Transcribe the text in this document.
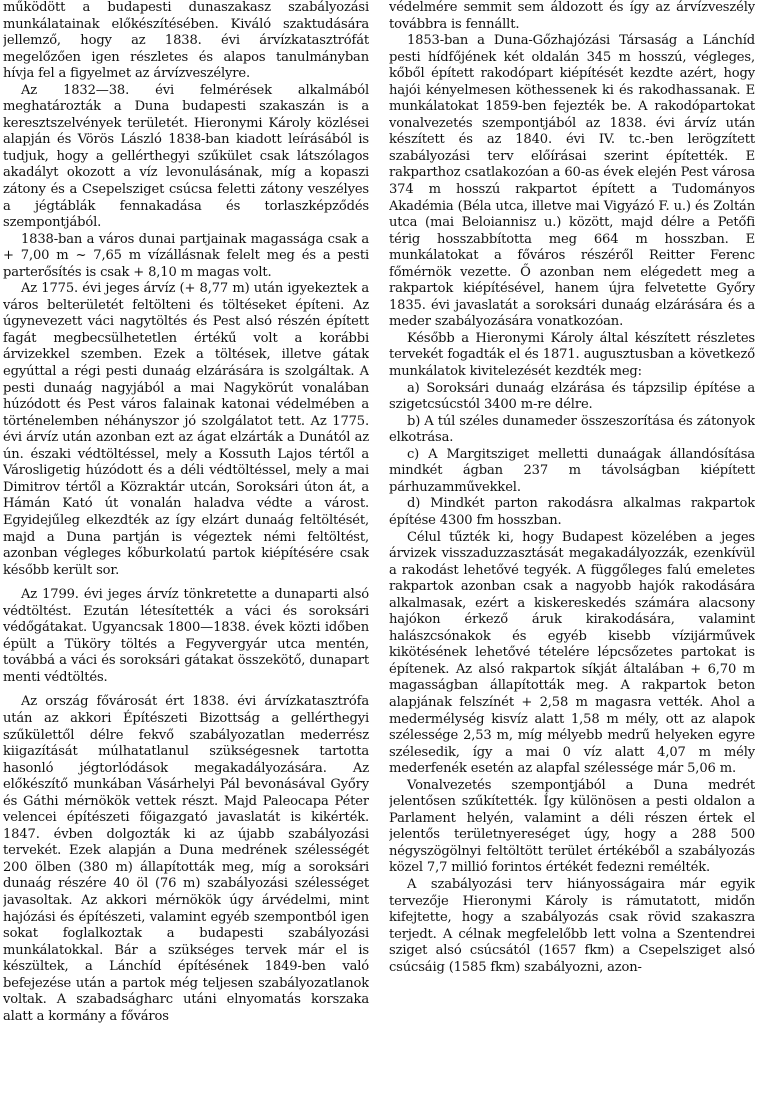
működött a budapesti dunaszakasz szabályozási munkálatainak előkészítésében. Kiváló szaktudására jellemző, hogy az 1838. évi árvízkatasztrófát megelőzően igen részletes és alapos tanulmányban hívja fel a figyelmet az árvízveszélyre.

Az 1832—38. évi felmérések alkalmából meghatározták a Duna budapesti szakaszán is a keresztszelvények területét. Hieronymi Károly közlései alapján és Vörös László 1838-ban kiadott leírásából is tudjuk, hogy a gellérthegyi szűkület csak látszólagos akadályt okozott a víz levonulásának, míg a kopaszi zátony és a Csepelsziget csúcsa feletti zátony veszélyes a jégtáblák fennakadása és torlaszképződés szempontjából.

1838-ban a város dunai partjainak magassága csak a + 7,00 m ~ 7,65 m vízállásnak felelt meg és a pesti parterősítés is csak + 8,10 m magas volt.

Az 1775. évi jeges árvíz (+ 8,77 m) után igyekeztek a város belterületét feltölteni és töltéseket építeni. Az úgynevezett váci nagytöltés és Pest alsó részén épített fagát megbecsülhetetlen értékű volt a korábbi árvizekkel szemben. Ezek a töltések, illetve gátak egyúttal a régi pesti dunaág elzárására is szolgáltak. A pesti dunaág nagyjából a mai Nagykörút vonalában húzódott és Pest város falainak katonai védelmében a történelemben néhányszor jó szolgálatot tett. Az 1775. évi árvíz után azonban ezt az ágat elzárták a Dunától az ún. északi védtöltéssel, mely a Kossuth Lajos tértől a Városligetig húzódott és a déli védtöltéssel, mely a mai Dimitrov tértől a Közraktár utcán, Soroksári úton át, a Hámán Kató út vonalán haladva védte a várost. Egyidejűleg elkezdték az így elzárt dunaág feltöltését, majd a Duna partján is végeztek némi feltöltést, azonban végleges kőburkolatú partok kiépítésére csak később került sor.

Az 1799. évi jeges árvíz tönkretette a dunaparti alsó védtöltést. Ezután létesítették a váci és soroksári védőgátakat. Ugyancsak 1800—1838. évek közti időben épült a Tüköry töltés a Fegyvergyár utca mentén, továbbá a váci és soroksári gátakat összekötő, dunapart menti védtöltés.

Az ország fővárosát ért 1838. évi árvízkatasztrófa után az akkori Építészeti Bizottság a gellérthegyi szűkülettől délre fekvő szabályozatlan mederrész kiigazítását múlhatatlanul szükségesnek tartotta hasonló jégtorlódások megakadályozására. Az előkészítő munkában Vásárhelyi Pál bevonásával Győry és Gáthi mérnökök vettek részt. Majd Paleocapa Péter velencei építészeti főigazgató javaslatát is kikérték. 1847. évben dolgozták ki az újabb szabályozási tervekét. Ezek alapján a Duna medrének szélességét 200 ölben (380 m) állapították meg, míg a soroksári dunaág részére 40 öl (76 m) szabályozási szélességet javasoltak. Az akkori mérnökök úgy árvédelmi, mint hajózási és építészeti, valamint egyéb szempontból igen sokat foglalkoztak a budapesti szabályozási munkálatokkal. Bár a szükséges tervek már el is készültek, a Lánchíd építésének 1849-ben való befejezése után a partok még teljesen szabályozatlanok voltak. A szabadságharc utáni elnyomatás korszaka alatt a kormány a főváros

védelmére semmit sem áldozott és így az árvízveszély továbbra is fennállt.

1853-ban a Duna-Gőzhajózási Társaság a Lánchíd pesti hídfőjének két oldalán 345 m hosszú, végleges, kőből épített rakodópart kiépítését kezdte azért, hogy hajói kényelmesen köthessenek ki és rakodhassanak. E munkálatokat 1859-ben fejezték be. A rakodópartokat vonalvezetés szempontjából az 1838. évi árvíz után készített és az 1840. évi IV. tc.-ben lerögzített szabályozási terv előírásai szerint építették. E rakparthoz csatlakozóan a 60-as évek elején Pest városa 374 m hosszú rakpartot épített a Tudományos Akadémia (Béla utca, illetve mai Vigyázó F. u.) és Zoltán utca (mai Beloiannisz u.) között, majd délre a Petőfi térig hosszabbította meg 664 m hosszban. E munkálatokat a főváros részéről Reitter Ferenc főmérnök vezette. Ő azonban nem elégedett meg a rakpartok kiépítésével, hanem újra felvetette Győry 1835. évi javaslatát a soroksári dunaág elzárására és a meder szabályozására vonatkozóan.

Később a Hieronymi Károly által készített részletes tervekét fogadták el és 1871. augusztusban a következő munkálatok kivitelezését kezdték meg:

a) Soroksári dunaág elzárása és tápzsilip építése a szigetcsúcstól 3400 m-re délre.

b) A túl széles dunameder összeszorítása és zátonyok elkotrása.

c) A Margitsziget melletti dunaágak állandósítása mindkét ágban 237 m távolságban kiépített párhuzamművekkel.

d) Mindkét parton rakodásra alkalmas rakpartok építése 4300 fm hosszban.

Célul tűzték ki, hogy Budapest közelében a jeges árvizek visszaduzzasztását megakadályozzák, ezenkívül a rakodást lehetővé tegyék. A függőleges falú emeletes rakpartok azonban csak a nagyobb hajók rakodására alkalmasak, ezért a kiskereskedés számára alacsony hajókon érkező áruk kirakodására, valamint halászcsónakok és egyéb kisebb vízijárművek kikötésének lehetővé tételére lépcsőzetes partokat is építenek. Az alsó rakpartok síkját általában + 6,70 m magasságban állapították meg. A rakpartok beton alapjának felszínét + 2,58 m magasra vették. Ahol a medermélység kisvíz alatt 1,58 m mély, ott az alapok szélessége 2,53 m, míg mélyebb medrű helyeken egyre szélesedik, így a mai 0 víz alatt 4,07 m mély mederfenék esetén az alapfal szélessége már 5,06 m.

Vonalvezetés szempontjából a Duna medrét jelentősen szűkítették. Így különösen a pesti oldalon a Parlament helyén, valamint a déli részen értek el jelentős területnyereséget úgy, hogy a 288 500 négyszögölnyi feltöltött terület értékéből a szabályozás közel 7,7 millió forintos értékét fedezni remélték.

A szabályozási terv hiányosságaira már egyik tervezője Hieronymi Károly is rámutatott, midőn kifejtette, hogy a szabályozás csak rövid szakaszra terjedt. A célnak megfelelőbb lett volna a Szentendrei sziget alsó csúcsától (1657 fkm) a Csepelsziget alsó csúcsáig (1585 fkm) szabályozni, azon-
